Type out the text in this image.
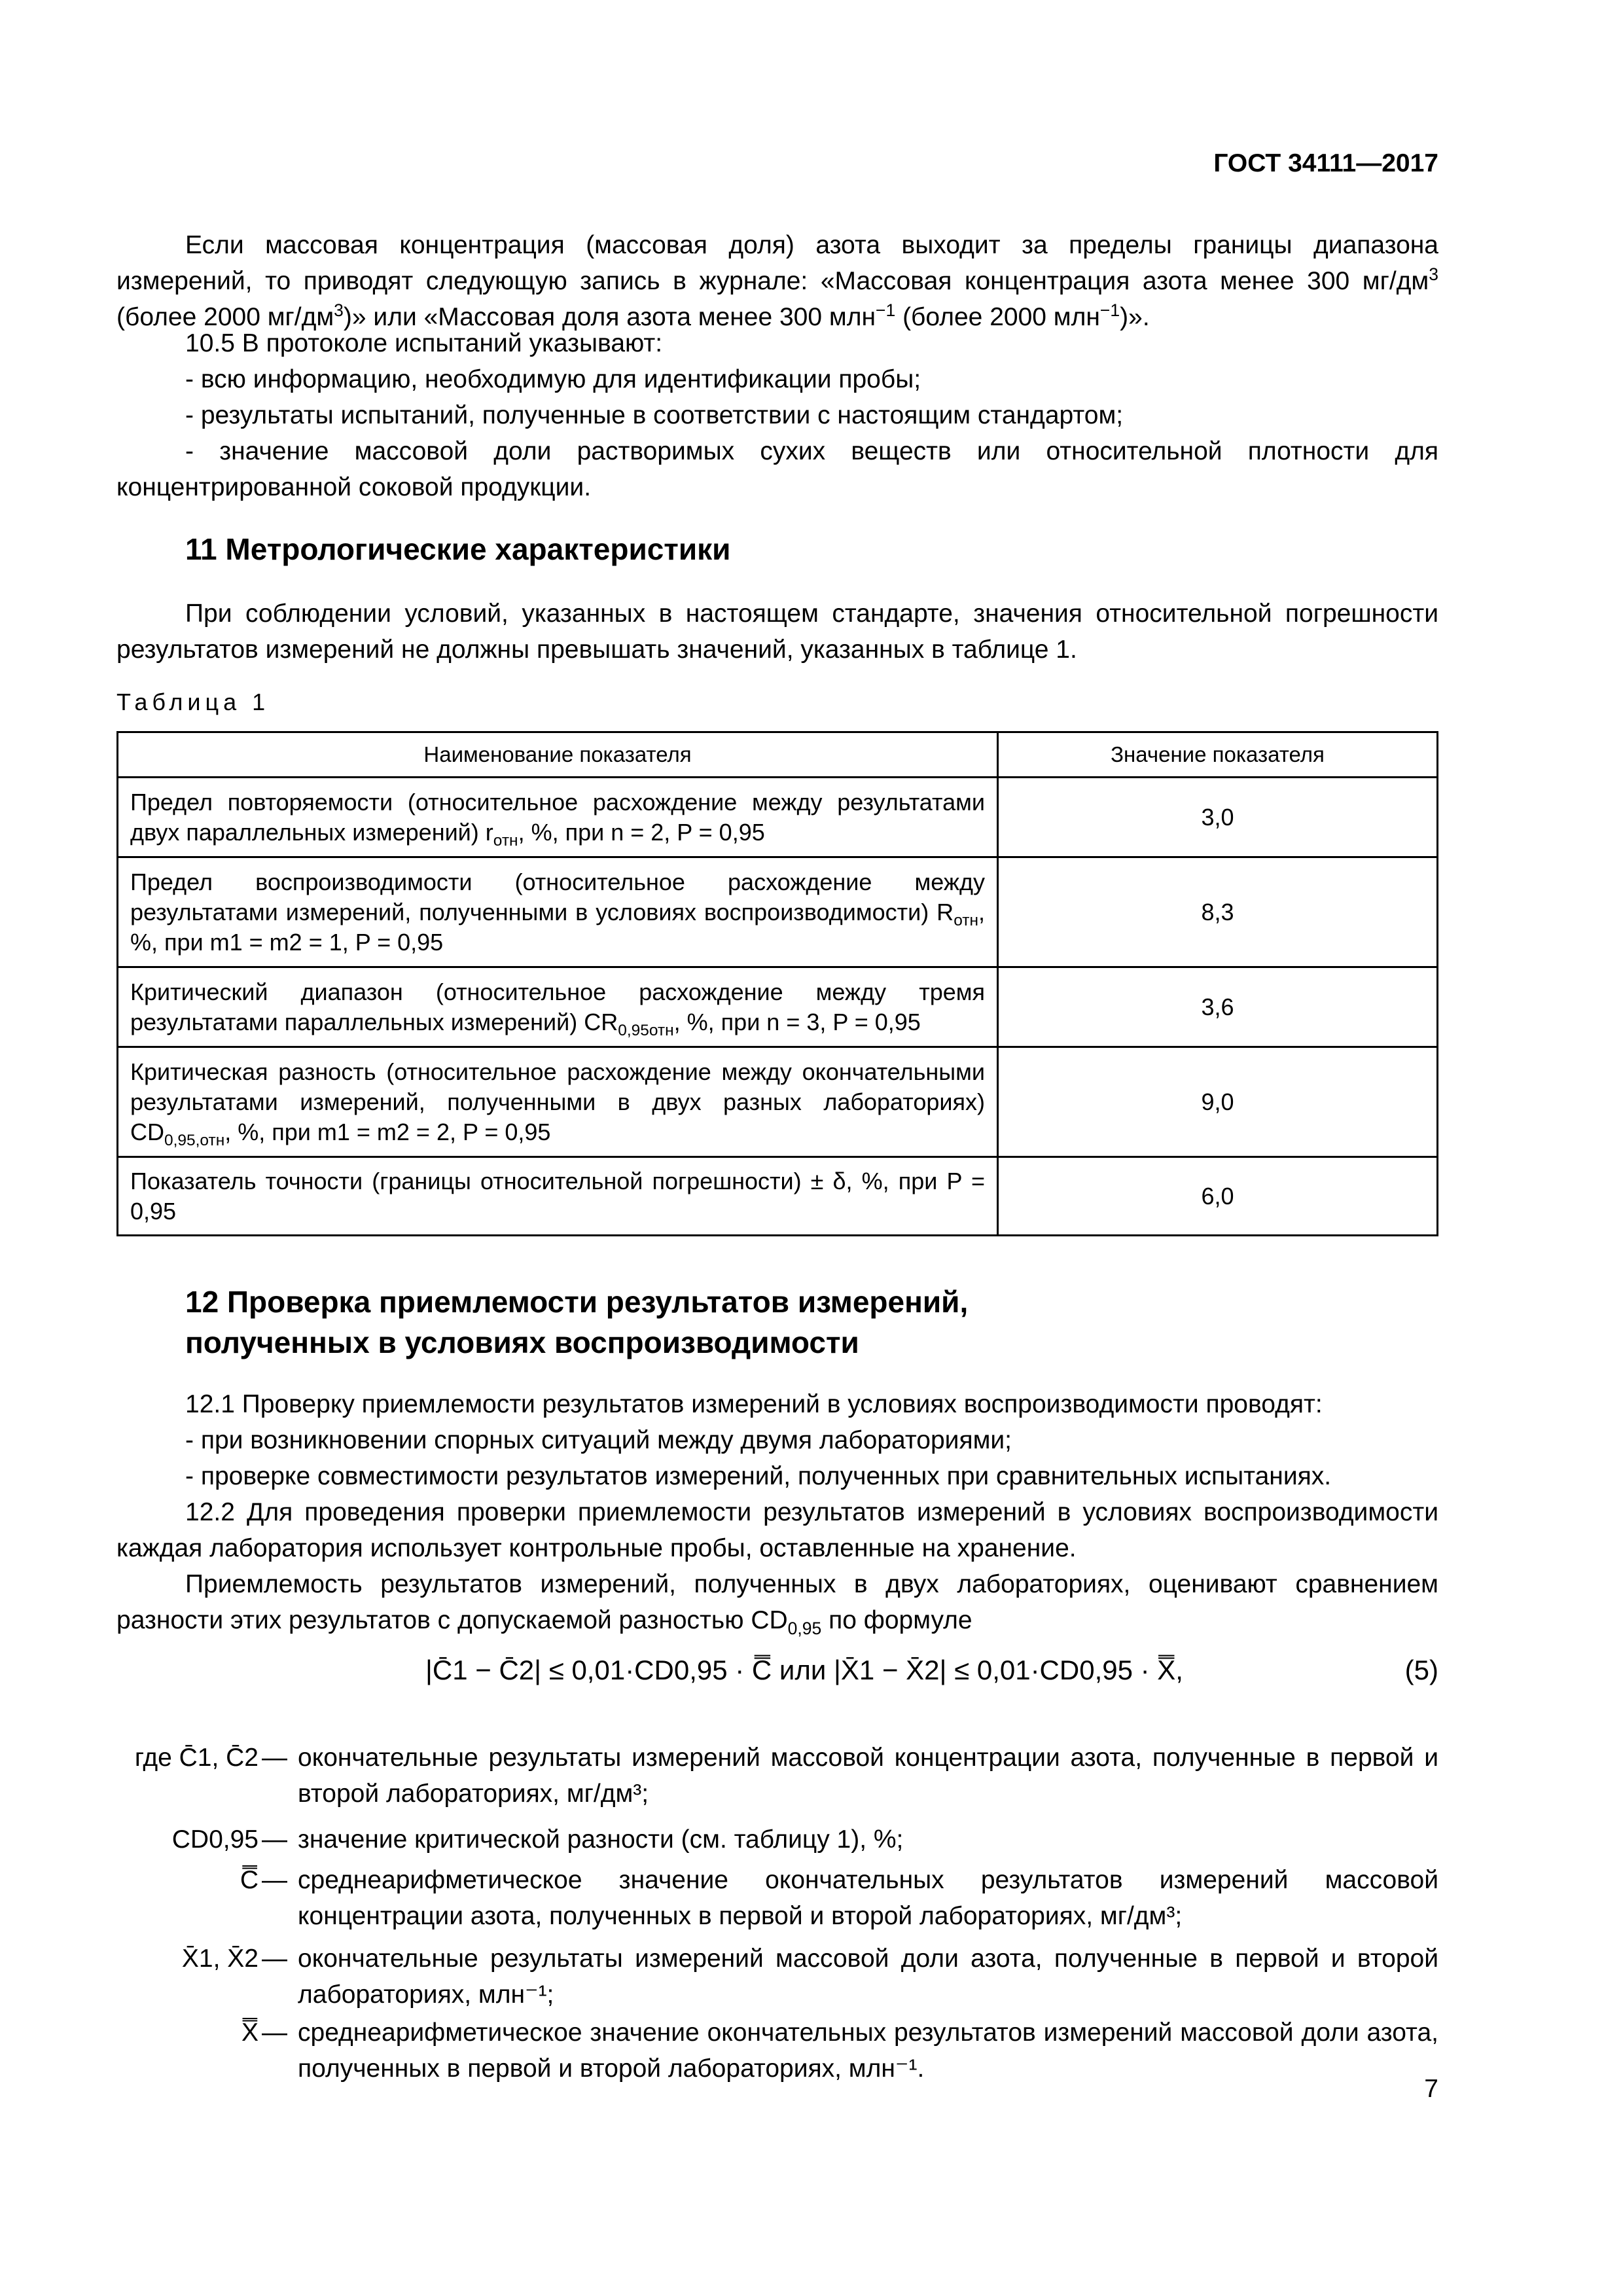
ГОСТ 34111—2017
Если массовая концентрация (массовая доля) азота выходит за пределы границы диапазона измерений, то приводят следующую запись в журнале: «Массовая концентрация азота менее 300 $мг/дм^3$ (более 2000 $мг/дм^3$)» или «Массовая доля азота менее 300 млн$^{-1}$ (более 2000 млн$^{-1}$)».
10.5 В протоколе испытаний указывают:
- всю информацию, необходимую для идентификации пробы;
- результаты испытаний, полученные в соответствии с настоящим стандартом;
- значение массовой доли растворимых сухих веществ или относительной плотности для концентрированной соковой продукции.
11 Метрологические характеристики
При соблюдении условий, указанных в настоящем стандарте, значения относительной погрешности результатов измерений не должны превышать значений, указанных в таблице 1.
Таблица 1
Наименование показателя	Значение показателя
Предел повторяемости (относительное расхождение между результатами двух параллельных измерений) $r_{отн}$, %, при n = 2, P = 0,95	3,0
Предел воспроизводимости (относительное расхождение между результатами измерений, полученными в условиях воспроизводимости) $R_{отн}$, %, при m1 = m2 = 1, P = 0,95	8,3
Критический диапазон (относительное расхождение между тремя результатами параллельных измерений) $CR_{0,95отн}$, %, при n = 3, P = 0,95	3,6
Критическая разность (относительное расхождение между окончательными результатами измерений, полученными в двух разных лабораториях) $CD_{0,95,отн}$, %, при m1 = m2 = 2, P = 0,95	9,0
Показатель точности (границы относительной погрешности) ± δ, %, при P = 0,95	6,0
12 Проверка приемлемости результатов измерений,
полученных в условиях воспроизводимости
12.1 Проверку приемлемости результатов измерений в условиях воспроизводимости проводят:
- при возникновении спорных ситуаций между двумя лабораториями;
- проверке совместимости результатов измерений, полученных при сравнительных испытаниях.
12.2 Для проведения проверки приемлемости результатов измерений в условиях воспроизводимости каждая лаборатория использует контрольные пробы, оставленные на хранение.
Приемлемость результатов измерений, полученных в двух лабораториях, оценивают сравнением разности этих результатов с допускаемой разностью $CD_{0,95}$ по формуле
|C̄1 − C̄2| ≤ 0,01·CD0,95 · C̿ или |X̄1 − X̄2| ≤ 0,01·CD0,95 · X̿,	(5)
где C̄1, C̄2 — окончательные результаты измерений массовой концентрации азота, полученные в первой и второй лабораториях, мг/дм³;
CD0,95 — значение критической разности (см. таблицу 1), %;
C̿ — среднеарифметическое значение окончательных результатов измерений массовой концентрации азота, полученных в первой и второй лабораториях, мг/дм³;
X̄1, X̄2 — окончательные результаты измерений массовой доли азота, полученные в первой и второй лабораториях, млн⁻¹;
X̿ — среднеарифметическое значение окончательных результатов измерений массовой доли азота, полученных в первой и второй лабораториях, млн⁻¹.
7
